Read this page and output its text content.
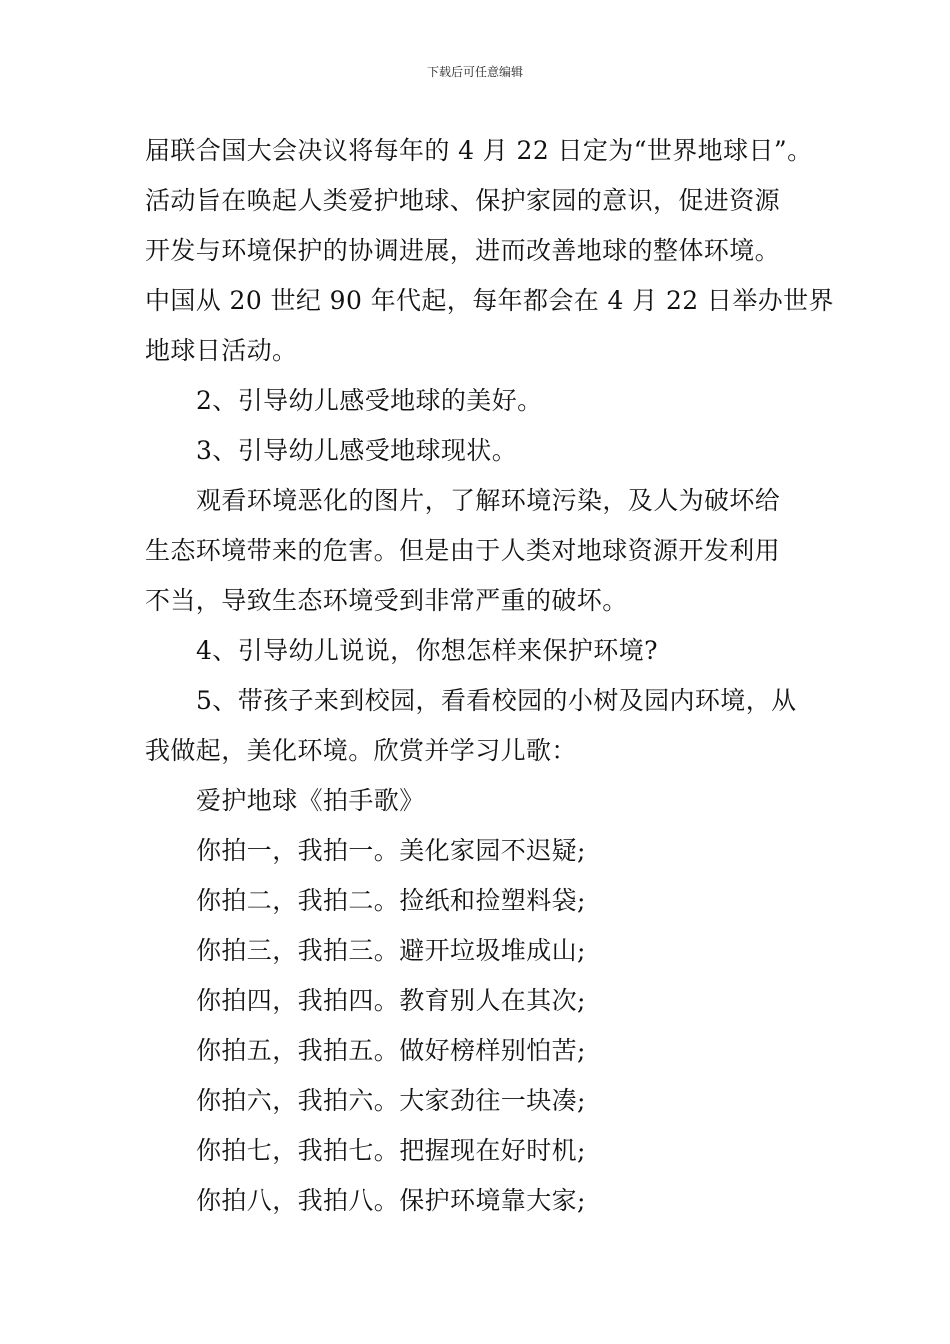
下载后可任意编辑
届联合国大会决议将每年的 4 月 22 日定为“世界地球日”。
活动旨在唤起人类爱护地球、保护家园的意识，促进资源
开发与环境保护的协调进展，进而改善地球的整体环境。
中国从 20 世纪 90 年代起，每年都会在 4 月 22 日举办世界
地球日活动。
2、引导幼儿感受地球的美好。
3、引导幼儿感受地球现状。
观看环境恶化的图片，了解环境污染，及人为破坏给
生态环境带来的危害。但是由于人类对地球资源开发利用
不当，导致生态环境受到非常严重的破坏。
4、引导幼儿说说，你想怎样来保护环境?
5、带孩子来到校园，看看校园的小树及园内环境，从
我做起，美化环境。欣赏并学习儿歌：
爱护地球《拍手歌》
你拍一，我拍一。美化家园不迟疑;
你拍二，我拍二。捡纸和捡塑料袋;
你拍三，我拍三。避开垃圾堆成山;
你拍四，我拍四。教育别人在其次;
你拍五，我拍五。做好榜样别怕苦;
你拍六，我拍六。大家劲往一块凑;
你拍七，我拍七。把握现在好时机;
你拍八，我拍八。保护环境靠大家;
